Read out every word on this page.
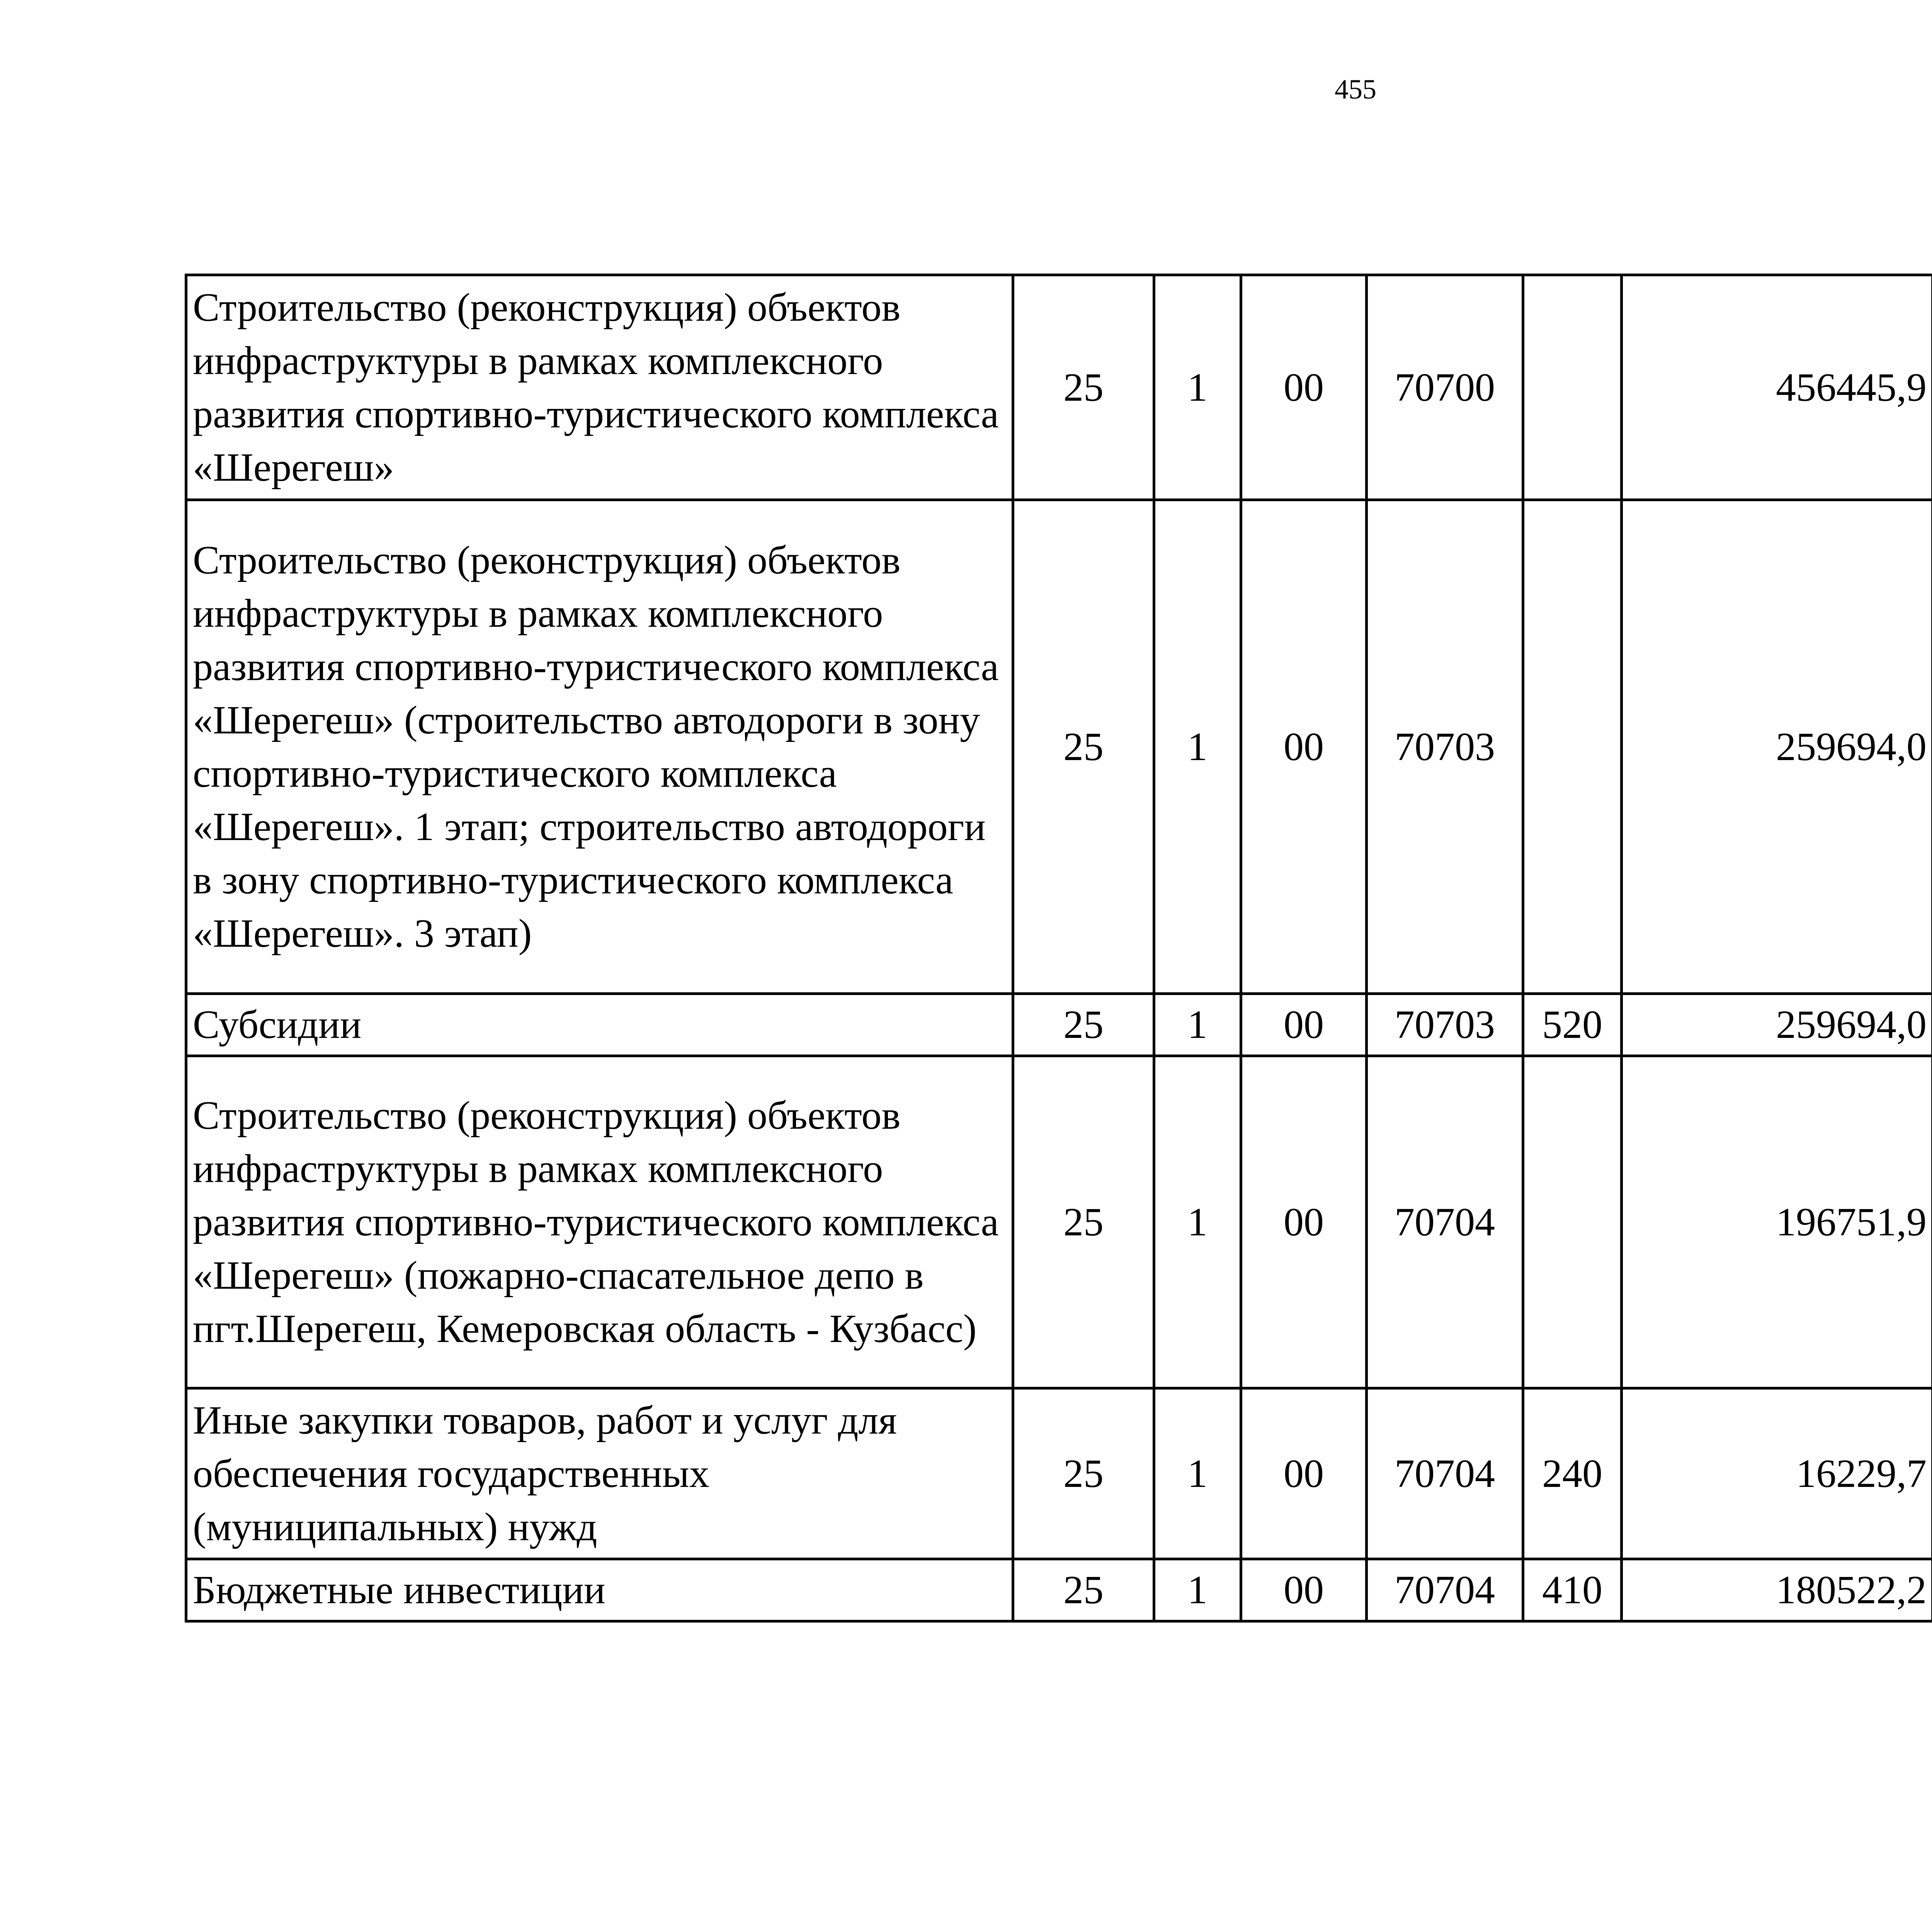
455
Строительство (реконструкция) объектов инфраструктуры в рамках комплексного развития спортивно-туристического комплекса «Шерегеш»	25	1	00	70700		456445,9		
Строительство (реконструкция) объектов инфраструктуры в рамках комплексного развития спортивно-туристического комплекса «Шерегеш» (строительство автодороги в зону спортивно-туристического комплекса «Шерегеш». 1 этап; строительство автодороги в зону спортивно-туристического комплекса «Шерегеш». 3 этап)	25	1	00	70703		259694,0		
Субсидии	25	1	00	70703	520	259694,0		
Строительство (реконструкция) объектов инфраструктуры в рамках комплексного развития спортивно-туристического комплекса «Шерегеш» (пожарно-спасательное депо в пгт.Шерегеш, Кемеровская область - Кузбасс)	25	1	00	70704		196751,9		
Иные закупки товаров, работ и услуг для обеспечения государственных (муниципальных) нужд	25	1	00	70704	240	16229,7		
Бюджетные инвестиции	25	1	00	70704	410	180522,2		
